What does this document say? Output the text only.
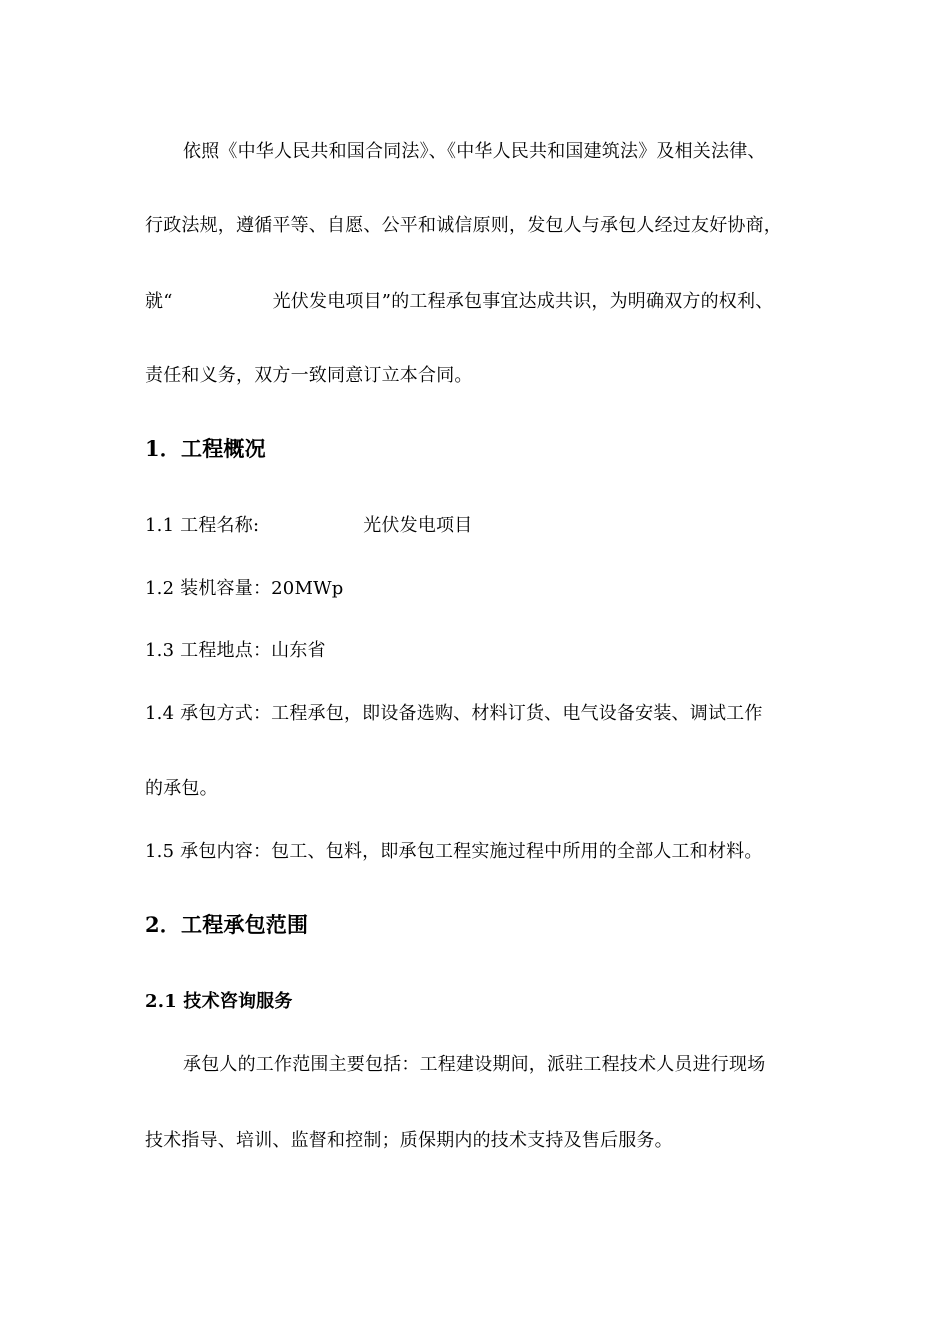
依照《中华人民共和国合同法》、《中华人民共和国建筑法》及相关法律、
行政法规，遵循平等、自愿、公平和诚信原则，发包人与承包人经过友好协商，
就“	光伏发电项目”的工程承包事宜达成共识，为明确双方的权利、
责任和义务，双方一致同意订立本合同。
1．工程概况
1.1 工程名称:	光伏发电项目
1.2 装机容量：20MWp
1.3 工程地点：山东省
1.4 承包方式：工程承包，即设备选购、材料订货、电气设备安装、调试工作
的承包。
1.5 承包内容：包工、包料，即承包工程实施过程中所用的全部人工和材料。
2．工程承包范围
2.1 技术咨询服务
承包人的工作范围主要包括：工程建设期间，派驻工程技术人员进行现场
技术指导、培训、监督和控制；质保期内的技术支持及售后服务。
